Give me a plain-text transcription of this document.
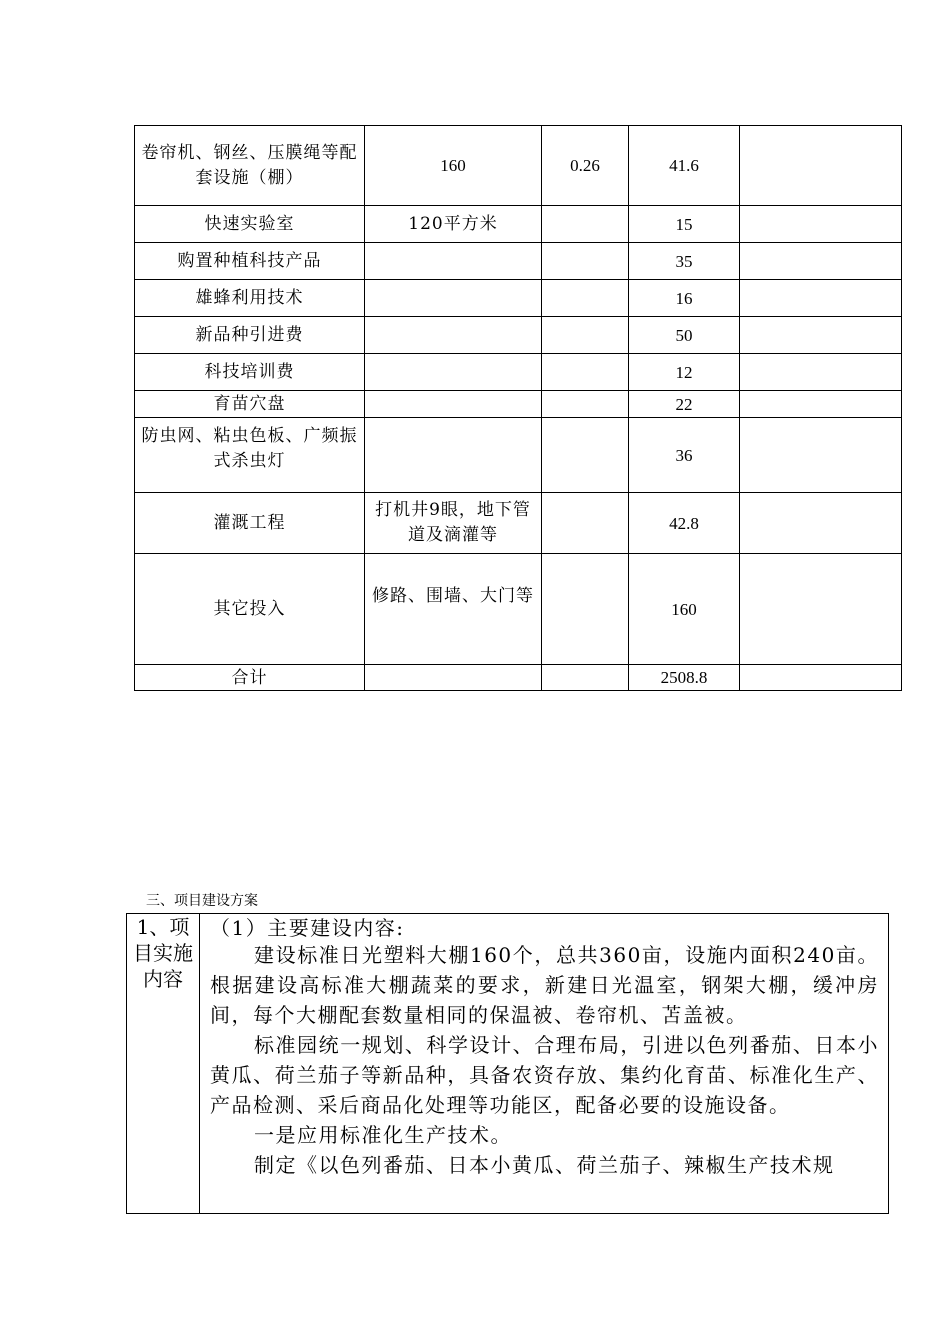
卷帘机、钢丝、压膜绳等配套设施（棚）	160	0.26	41.6	
快速实验室	120平方米		15	
购置种植科技产品			35	
雄蜂利用技术			16	
新品种引进费			50	
科技培训费			12	
育苗穴盘			22	
防虫网、粘虫色板、广频振式杀虫灯			36	
灌溉工程	打机井9眼，地下管道及滴灌等		42.8	
其它投入	修路、围墙、大门等		160	
合计			2508.8	
三、项目建设方案
1、项目实施内容	

（1）主要建设内容:

建设标准日光塑料大棚160个，总共360亩，设施内面积240亩。根据建设高标准大棚蔬菜的要求，新建日光温室，钢架大棚，缓冲房间，每个大棚配套数量相同的保温被、卷帘机、苫盖被。

标准园统一规划、科学设计、合理布局，引进以色列番茄、日本小黄瓜、荷兰茄子等新品种，具备农资存放、集约化育苗、标准化生产、产品检测、采后商品化处理等功能区，配备必要的设施设备。

一是应用标准化生产技术。

制定《以色列番茄、日本小黄瓜、荷兰茄子、辣椒生产技术规
